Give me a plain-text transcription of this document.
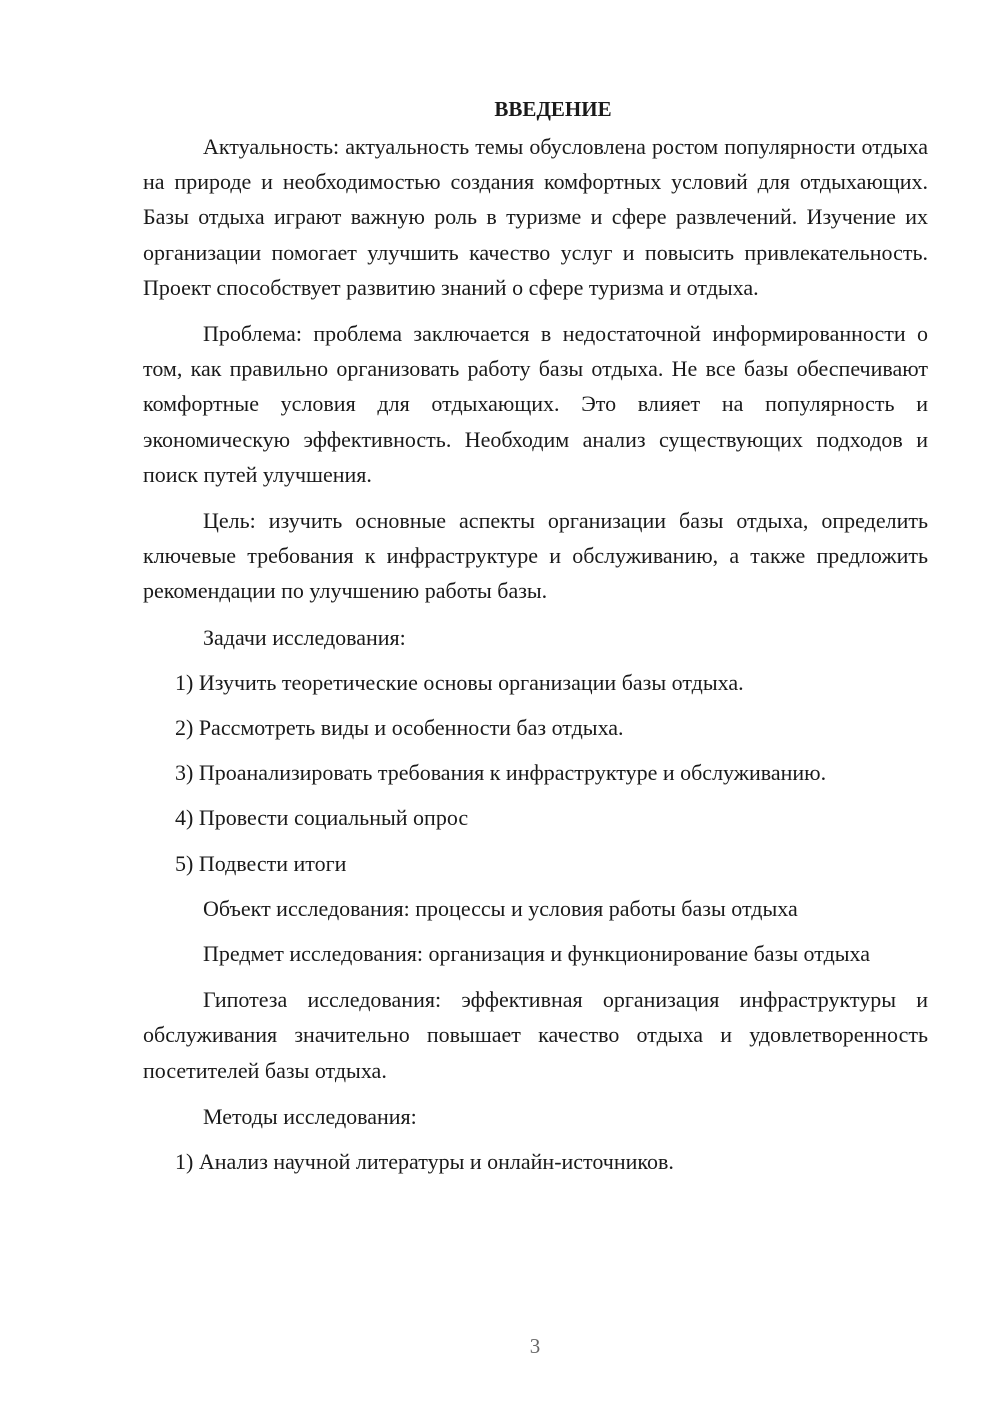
ВВЕДЕНИЕ

Актуальность: актуальность темы обусловлена ростом популярности отдыха на природе и необходимостью создания комфортных условий для отдыхающих. Базы отдыха играют важную роль в туризме и сфере развлечений. Изучение их организации помогает улучшить качество услуг и повысить привлекательность. Проект способствует развитию знаний о сфере туризма и отдыха.

Проблема: проблема заключается в недостаточной информированности о том, как правильно организовать работу базы отдыха. Не все базы обеспечивают комфортные условия для отдыхающих. Это влияет на популярность и экономическую эффективность. Необходим анализ существующих подходов и поиск путей улучшения.

Цель: изучить основные аспекты организации базы отдыха, определить ключевые требования к инфраструктуре и обслуживанию, а также предложить рекомендации по улучшению работы базы.

Задачи исследования:

1) Изучить теоретические основы организации базы отдыха.

2) Рассмотреть виды и особенности баз отдыха.

3) Проанализировать требования к инфраструктуре и обслуживанию.

4) Провести социальный опрос

5) Подвести итоги

Объект исследования: процессы и условия работы базы отдыха

Предмет исследования: организация и функционирование базы отдыха

Гипотеза исследования: эффективная организация инфраструктуры и обслуживания значительно повышает качество отдыха и удовлетворенность посетителей базы отдыха.

Методы исследования:

1) Анализ научной литературы и онлайн-источников.

3
